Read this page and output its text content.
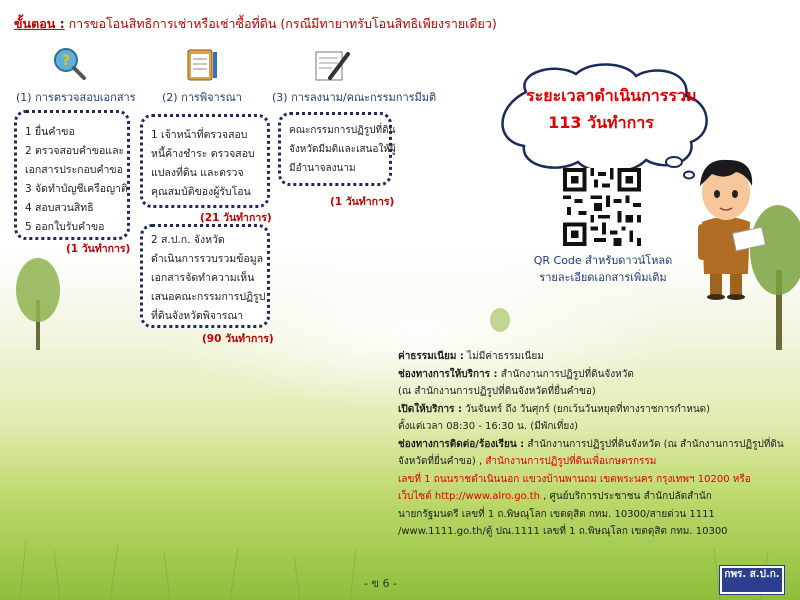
ขั้นตอน : การขอโอนสิทธิการเช่าหรือเช่าซื้อที่ดิน (กรณีมีทายาทรับโอนสิทธิเพียงรายเดียว)
?
(1) การตรวจสอบเอกสาร (2) การพิจารณา	(3) การลงนาม/คณะกรรมการมีมติ
1 ยื่นคำขอ
2 ตรวจสอบคำขอและ
เอกสารประกอบคำขอ
3 จัดทำบัญชีเครือญาติ
4 สอบสวนสิทธิ
5 ออกใบรับคำขอ
(1 วันทำการ)
1 เจ้าหน้าที่ตรวจสอบ
หนี้ค้างชำระ ตรวจสอบ
แปลงที่ดิน และตรวจ
คุณสมบัติของผู้รับโอน
(21 วันทำการ)
2 ส.ป.ก. จังหวัด
ดำเนินการรวบรวมข้อมูล
เอกสารจัดทำความเห็น
เสนอคณะกรรมการปฏิรูป
ที่ดินจังหวัดพิจารณา
(90 วันทำการ)
คณะกรรมการปฏิรูปที่ดิน
จังหวัดมีมติและเสนอให้ผู้
มีอำนาจลงนาม
(1 วันทำการ)
ระยะเวลาดำเนินการรวม
113 วันทำการ
QR Code สำหรับดาวน์โหลด
รายละเอียดเอกสารเพิ่มเติม
ค่าธรรมเนียม : ไม่มีค่าธรรมเนียม
ช่องทางการให้บริการ : สำนักงานการปฏิรูปที่ดินจังหวัด
(ณ สำนักงานการปฏิรูปที่ดินจังหวัดที่ยื่นคำขอ)
เปิดให้บริการ : วันจันทร์ ถึง วันศุกร์ (ยกเว้นวันหยุดที่ทางราชการกำหนด)
ตั้งแต่เวลา 08:30 - 16:30 น. (มีพักเที่ยง)
ช่องทางการติดต่อ/ร้องเรียน : สำนักงานการปฏิรูปที่ดินจังหวัด (ณ สำนักงานการปฏิรูปที่ดิน
จังหวัดที่ยื่นคำขอ) , สำนักงานการปฏิรูปที่ดินเพื่อเกษตรกรรม
เลขที่ 1 ถนนราชดำเนินนอก แขวงบ้านพานถม เขตพระนคร กรุงเทพฯ 10200 หรือ
เว็บไซต์ http://www.alro.go.th , ศูนย์บริการประชาชน สำนักปลัดสำนัก
นายกรัฐมนตรี เลขที่ 1 ถ.พิษณุโลก เขตดุสิต กทม. 10300/สายด่วน 1111
/www.1111.go.th/ตู้ ปณ.1111 เลขที่ 1 ถ.พิษณุโลก เขตดุสิต กทม. 10300
- ข 6 -
กพร. ส.ป.ก.
